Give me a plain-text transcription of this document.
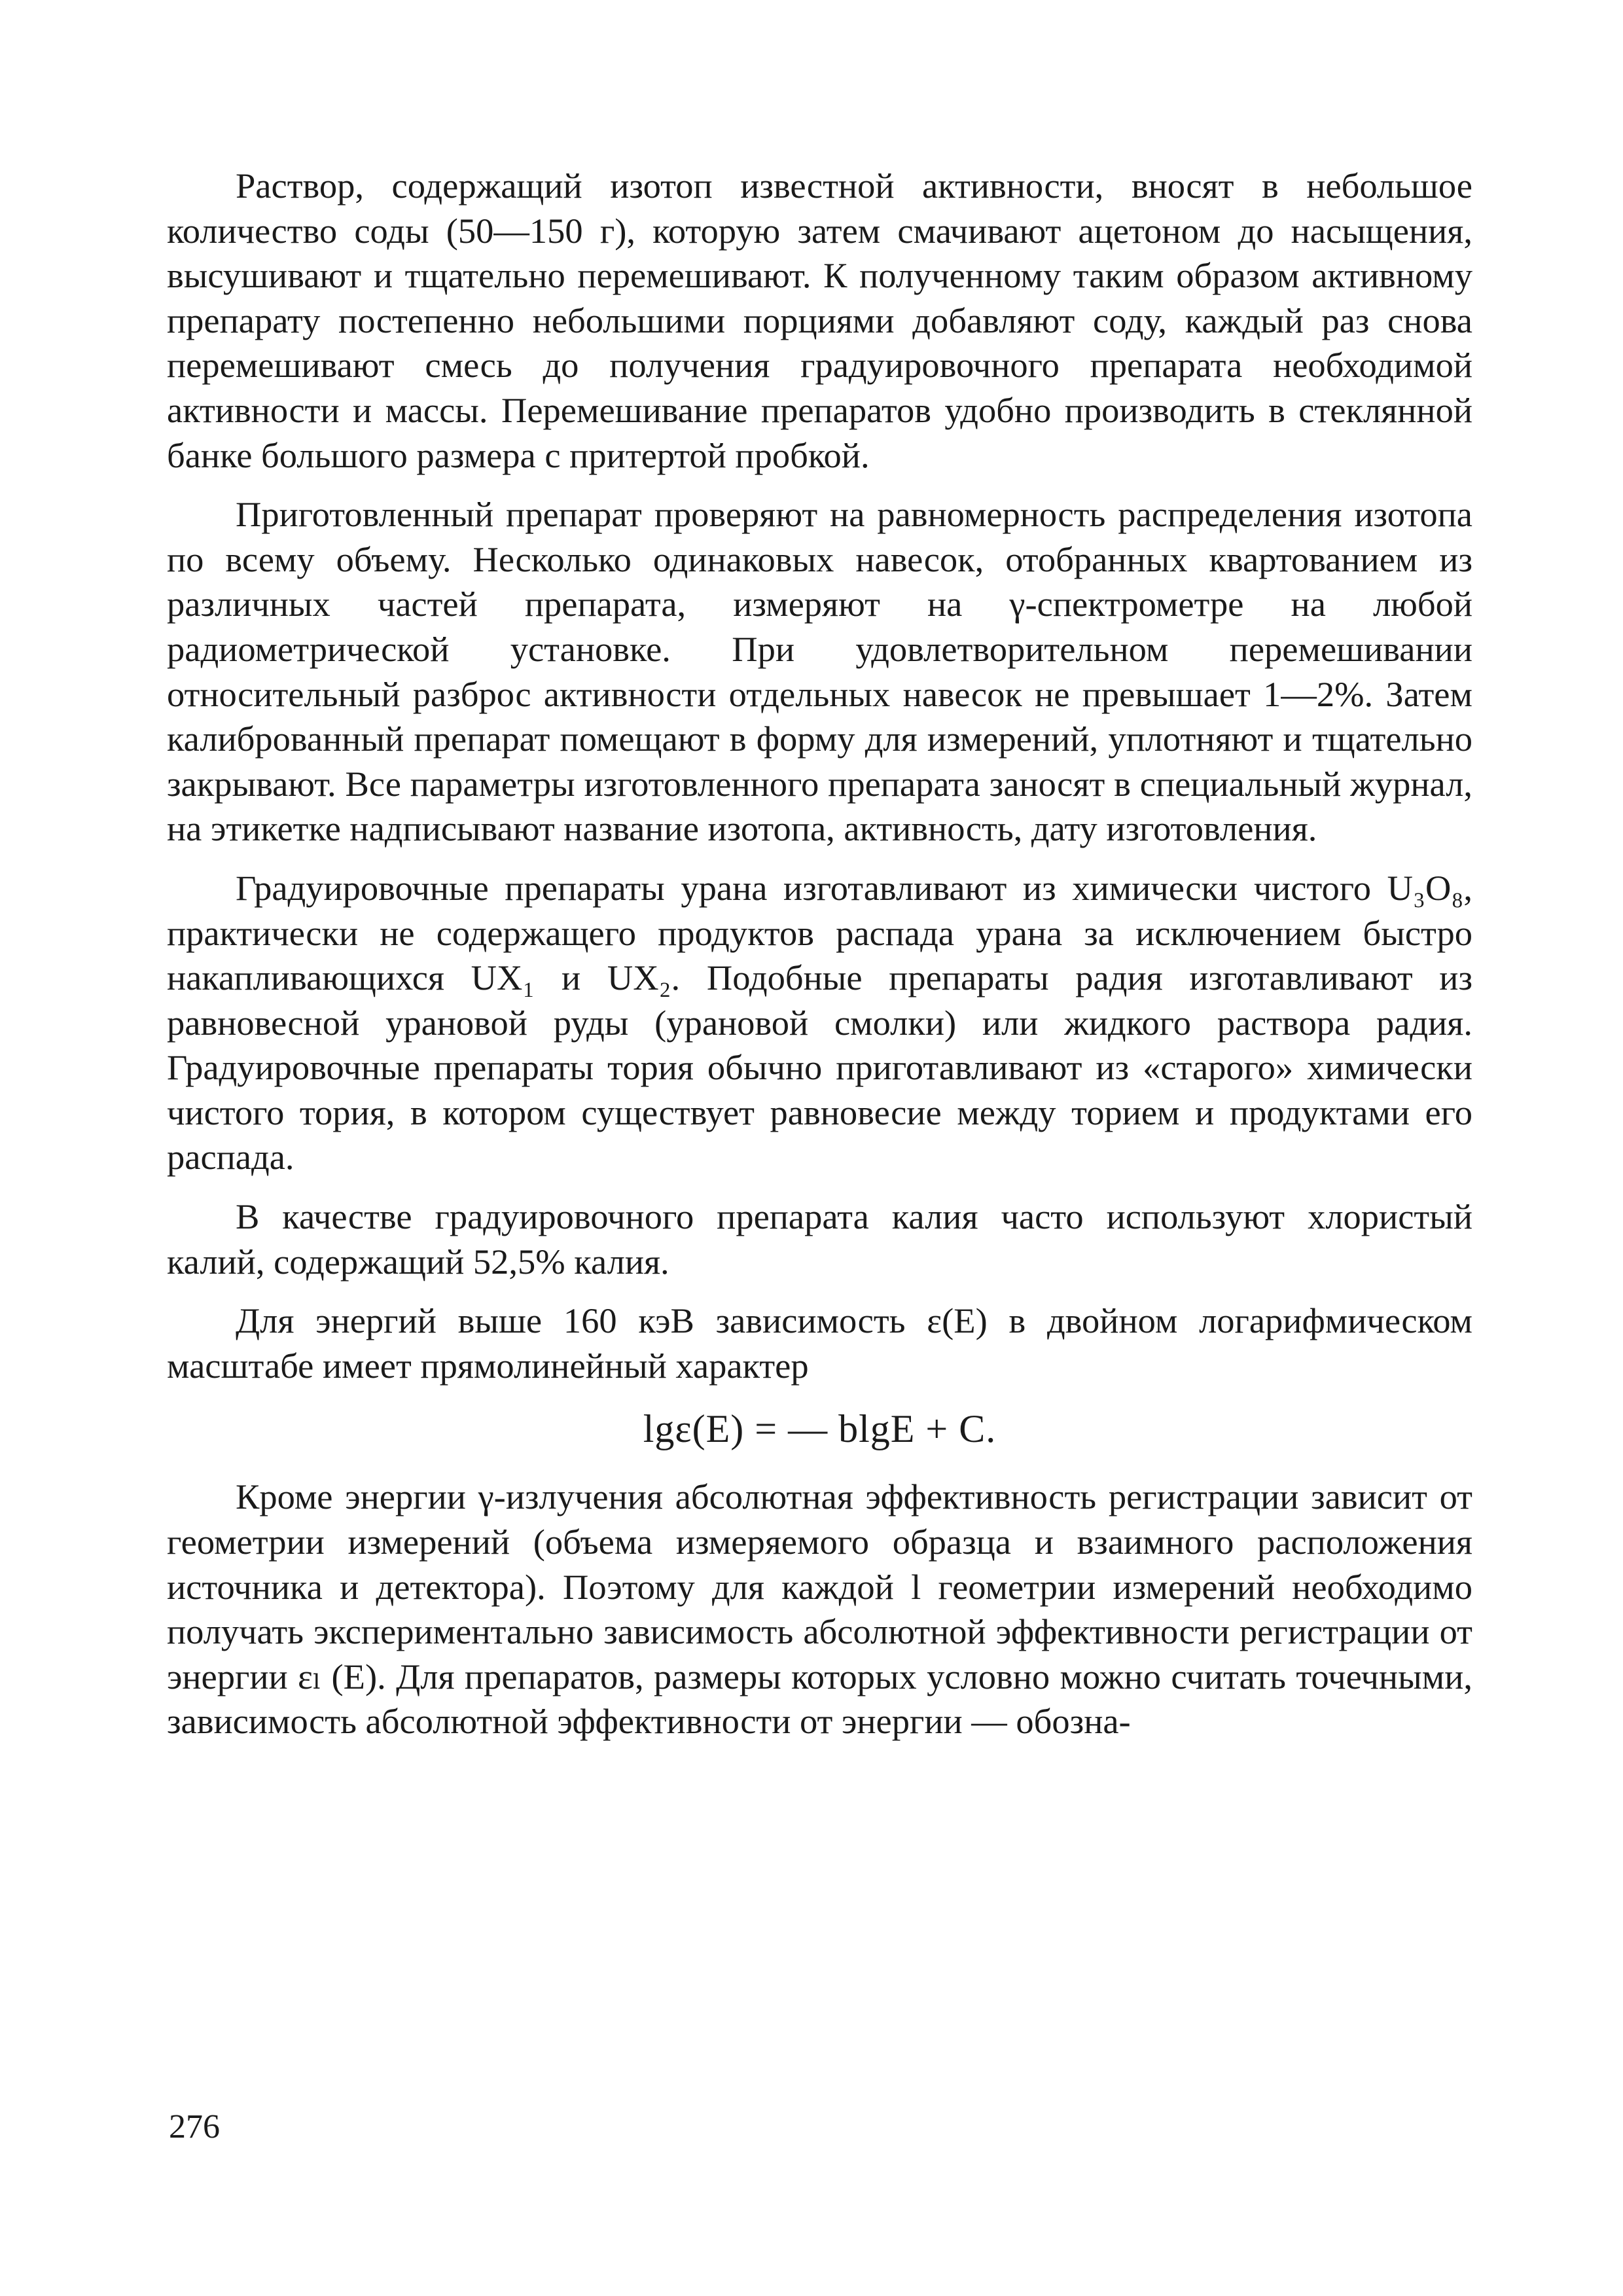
Раствор, содержащий изотоп известной активности, вносят в небольшое количество соды (50—150 г), которую затем смачивают ацетоном до насыщения, высушивают и тщательно перемешивают. К полученному таким образом активному препарату постепенно небольшими порциями добавляют соду, каждый раз снова перемешивают смесь до получения градуировочного препарата необходимой активности и массы. Перемешивание препаратов удобно производить в стеклянной банке большого размера с притертой пробкой.

Приготовленный препарат проверяют на равномерность распределения изотопа по всему объему. Несколько одинаковых навесок, отобранных квартованием из различных частей препарата, измеряют на γ-спектрометре на любой радиометрической установке. При удовлетворительном перемешивании относительный разброс активности отдельных навесок не превышает 1—2%. Затем калиброванный препарат помещают в форму для измерений, уплотняют и тщательно закрывают. Все параметры изготовленного препарата заносят в специальный журнал, на этикетке надписывают название изотопа, активность, дату изготовления.

Градуировочные препараты урана изготавливают из химически чистого U₃O₈, практически не содержащего продуктов распада урана за исключением быстро накапливающихся UX₁ и UX₂. Подобные препараты радия изготавливают из равновесной урановой руды (урановой смолки) или жидкого раствора радия. Градуировочные препараты тория обычно приготавливают из «старого» химически чистого тория, в котором существует равновесие между торием и продуктами его распада.

В качестве градуировочного препарата калия часто используют хлористый калий, содержащий 52,5% калия.

Для энергий выше 160 кэВ зависимость ε(E) в двойном логарифмическом масштабе имеет прямолинейный характер

lgε(E) = — blgE + C.

Кроме энергии γ-излучения абсолютная эффективность регистрации зависит от геометрии измерений (объема измеряемого образца и взаимного расположения источника и детектора). Поэтому для каждой l геометрии измерений необходимо получать экспериментально зависимость абсолютной эффективности регистрации от энергии εₗ (E). Для препаратов, размеры которых условно можно считать точечными, зависимость абсолютной эффективности от энергии — обозна-

276
